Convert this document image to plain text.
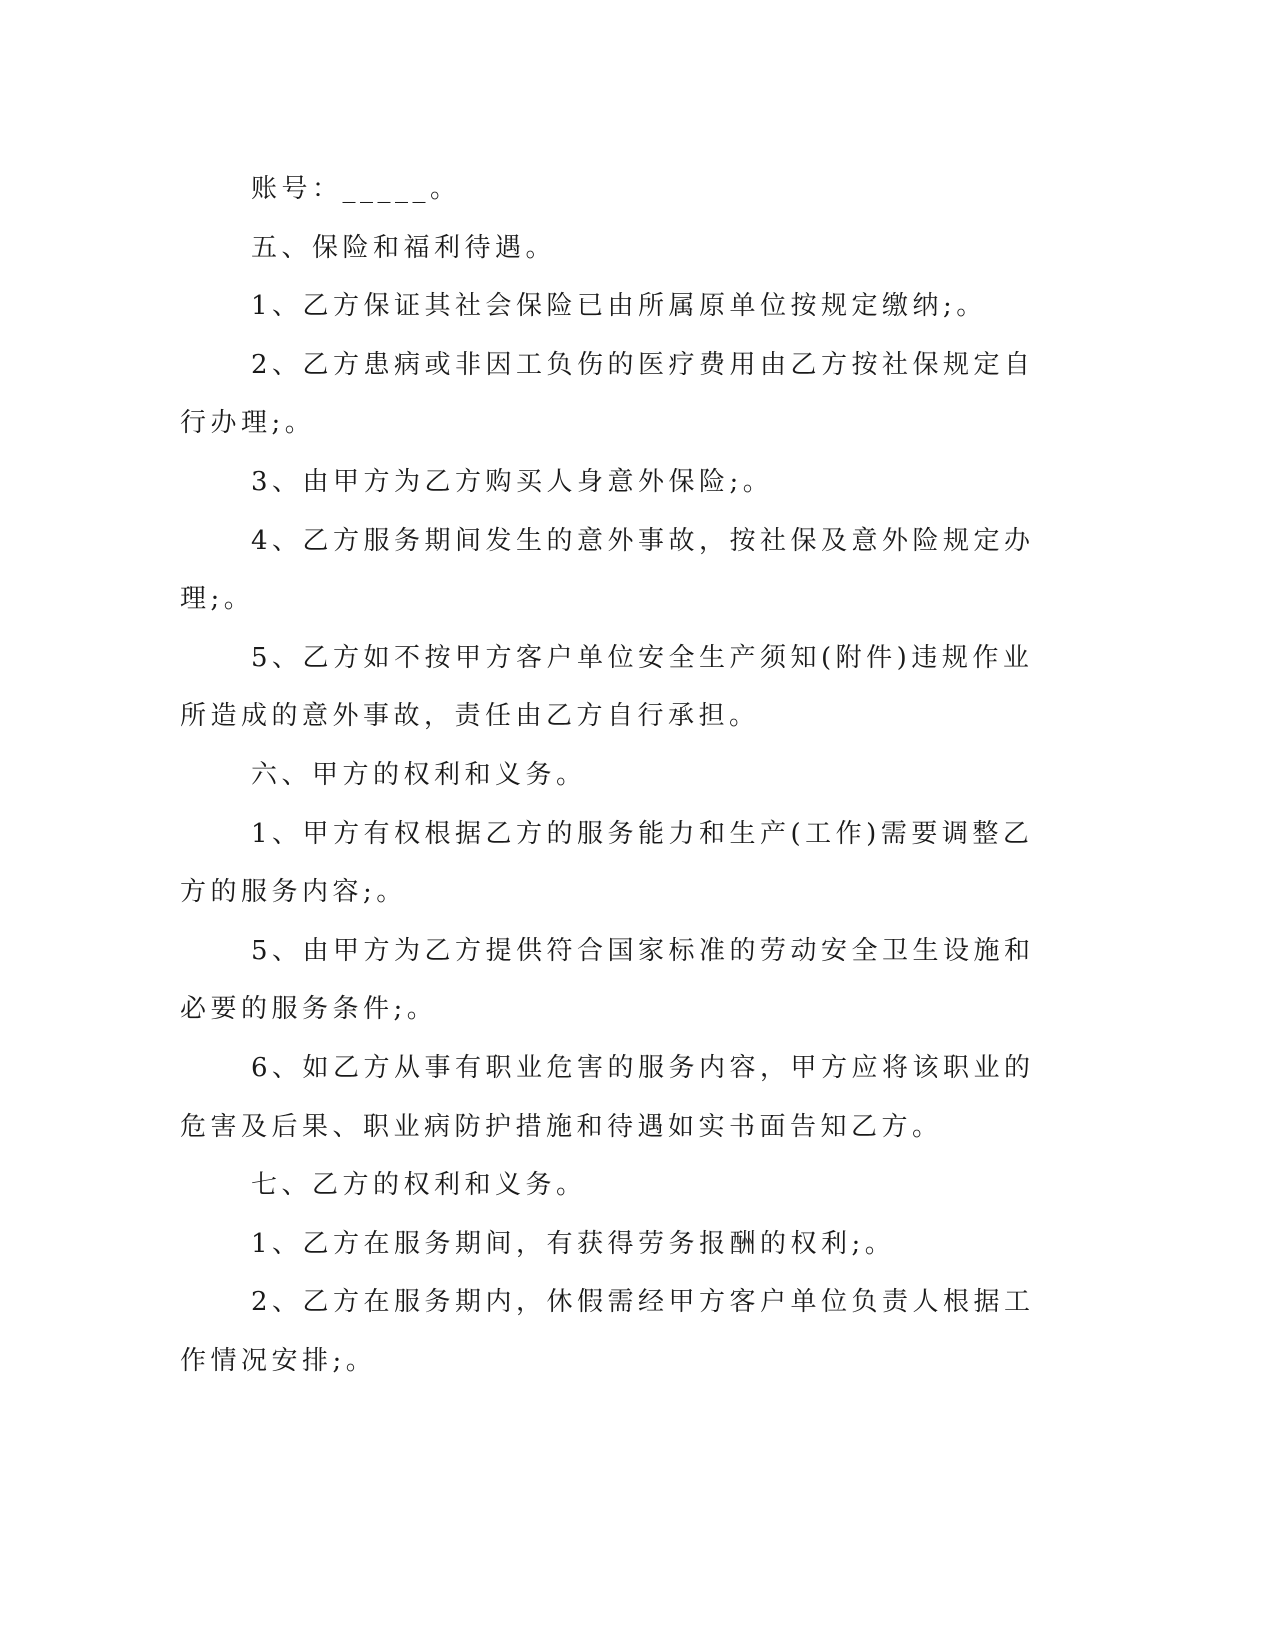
账号：_____。

五、保险和福利待遇。

1、乙方保证其社会保险已由所属原单位按规定缴纳;。

2、乙方患病或非因工负伤的医疗费用由乙方按社保规定自行办理;。

3、由甲方为乙方购买人身意外保险;。

4、乙方服务期间发生的意外事故，按社保及意外险规定办理;。

5、乙方如不按甲方客户单位安全生产须知(附件)违规作业所造成的意外事故，责任由乙方自行承担。

六、甲方的权利和义务。

1、甲方有权根据乙方的服务能力和生产(工作)需要调整乙方的服务内容;。

5、由甲方为乙方提供符合国家标准的劳动安全卫生设施和必要的服务条件;。

6、如乙方从事有职业危害的服务内容，甲方应将该职业的危害及后果、职业病防护措施和待遇如实书面告知乙方。

七、乙方的权利和义务。

1、乙方在服务期间，有获得劳务报酬的权利;。

2、乙方在服务期内，休假需经甲方客户单位负责人根据工作情况安排;。
